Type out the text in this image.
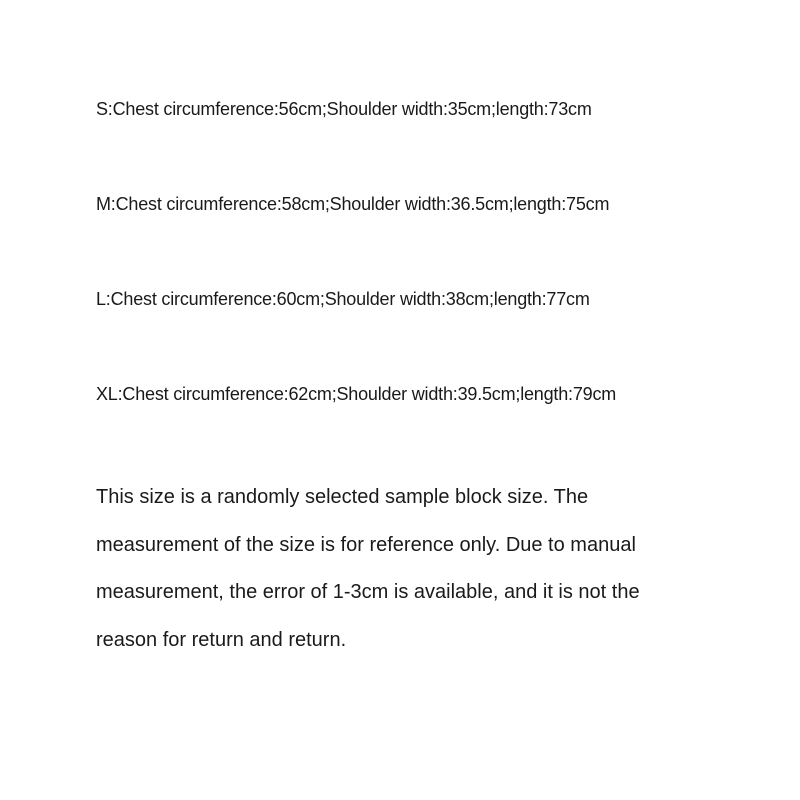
S:Chest circumference:56cm;Shoulder width:35cm;length:73cm
M:Chest circumference:58cm;Shoulder width:36.5cm;length:75cm
L:Chest circumference:60cm;Shoulder width:38cm;length:77cm
XL:Chest circumference:62cm;Shoulder width:39.5cm;length:79cm

This size is a randomly selected sample block size. The

measurement of the size is for reference only. Due to manual

measurement, the error of 1-3cm is available, and it is not the

reason for return and return.
